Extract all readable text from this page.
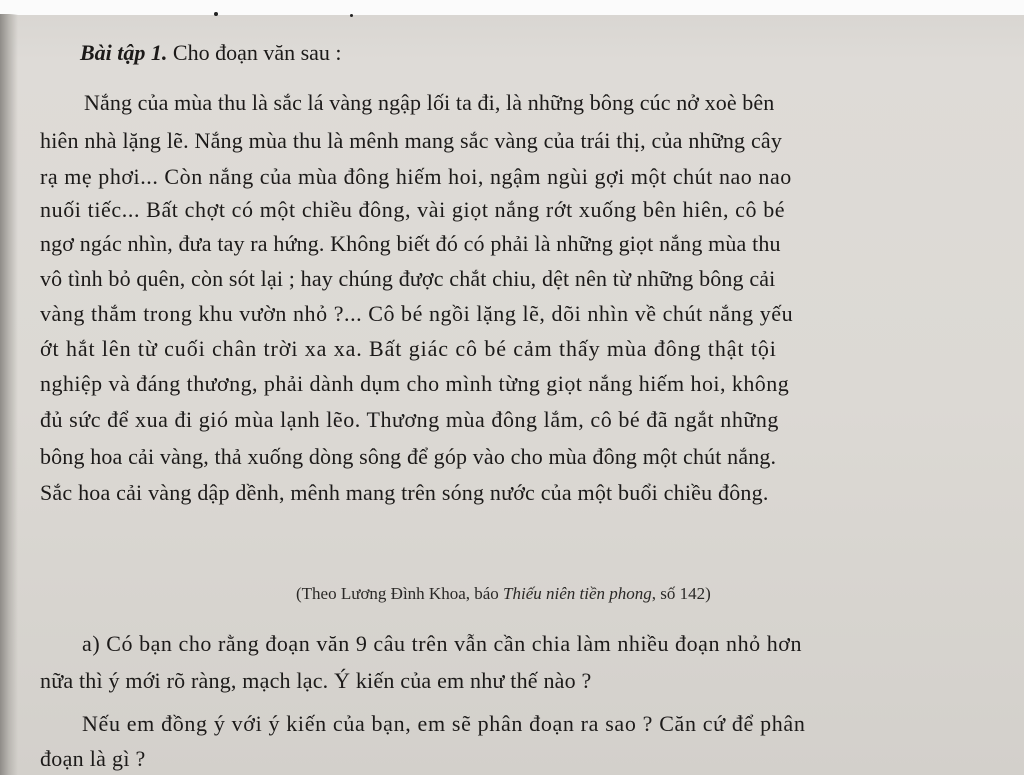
Bài tập 1. Cho đoạn văn sau :
Nắng của mùa thu là sắc lá vàng ngập lối ta đi, là những bông cúc nở xoè bên
hiên nhà lặng lẽ. Nắng mùa thu là mênh mang sắc vàng của trái thị, của những cây
rạ mẹ phơi... Còn nắng của mùa đông hiếm hoi, ngậm ngùi gợi một chút nao nao
nuối tiếc... Bất chợt có một chiều đông, vài giọt nắng rớt xuống bên hiên, cô bé
ngơ ngác nhìn, đưa tay ra hứng. Không biết đó có phải là những giọt nắng mùa thu
vô tình bỏ quên, còn sót lại ; hay chúng được chắt chiu, dệt nên từ những bông cải
vàng thắm trong khu vườn nhỏ ?... Cô bé ngồi lặng lẽ, dõi nhìn về chút nắng yếu
ớt hắt lên từ cuối chân trời xa xa. Bất giác cô bé cảm thấy mùa đông thật tội
nghiệp và đáng thương, phải dành dụm cho mình từng giọt nắng hiếm hoi, không
đủ sức để xua đi gió mùa lạnh lẽo. Thương mùa đông lắm, cô bé đã ngắt những
bông hoa cải vàng, thả xuống dòng sông để góp vào cho mùa đông một chút nắng.
Sắc hoa cải vàng dập dềnh, mênh mang trên sóng nước của một buổi chiều đông.
(Theo Lương Đình Khoa, báo Thiếu niên tiền phong, số 142)
a) Có bạn cho rằng đoạn văn 9 câu trên vẫn cần chia làm nhiều đoạn nhỏ hơn
nữa thì ý mới rõ ràng, mạch lạc. Ý kiến của em như thế nào ?
Nếu em đồng ý với ý kiến của bạn, em sẽ phân đoạn ra sao ? Căn cứ để phân
đoạn là gì ?
